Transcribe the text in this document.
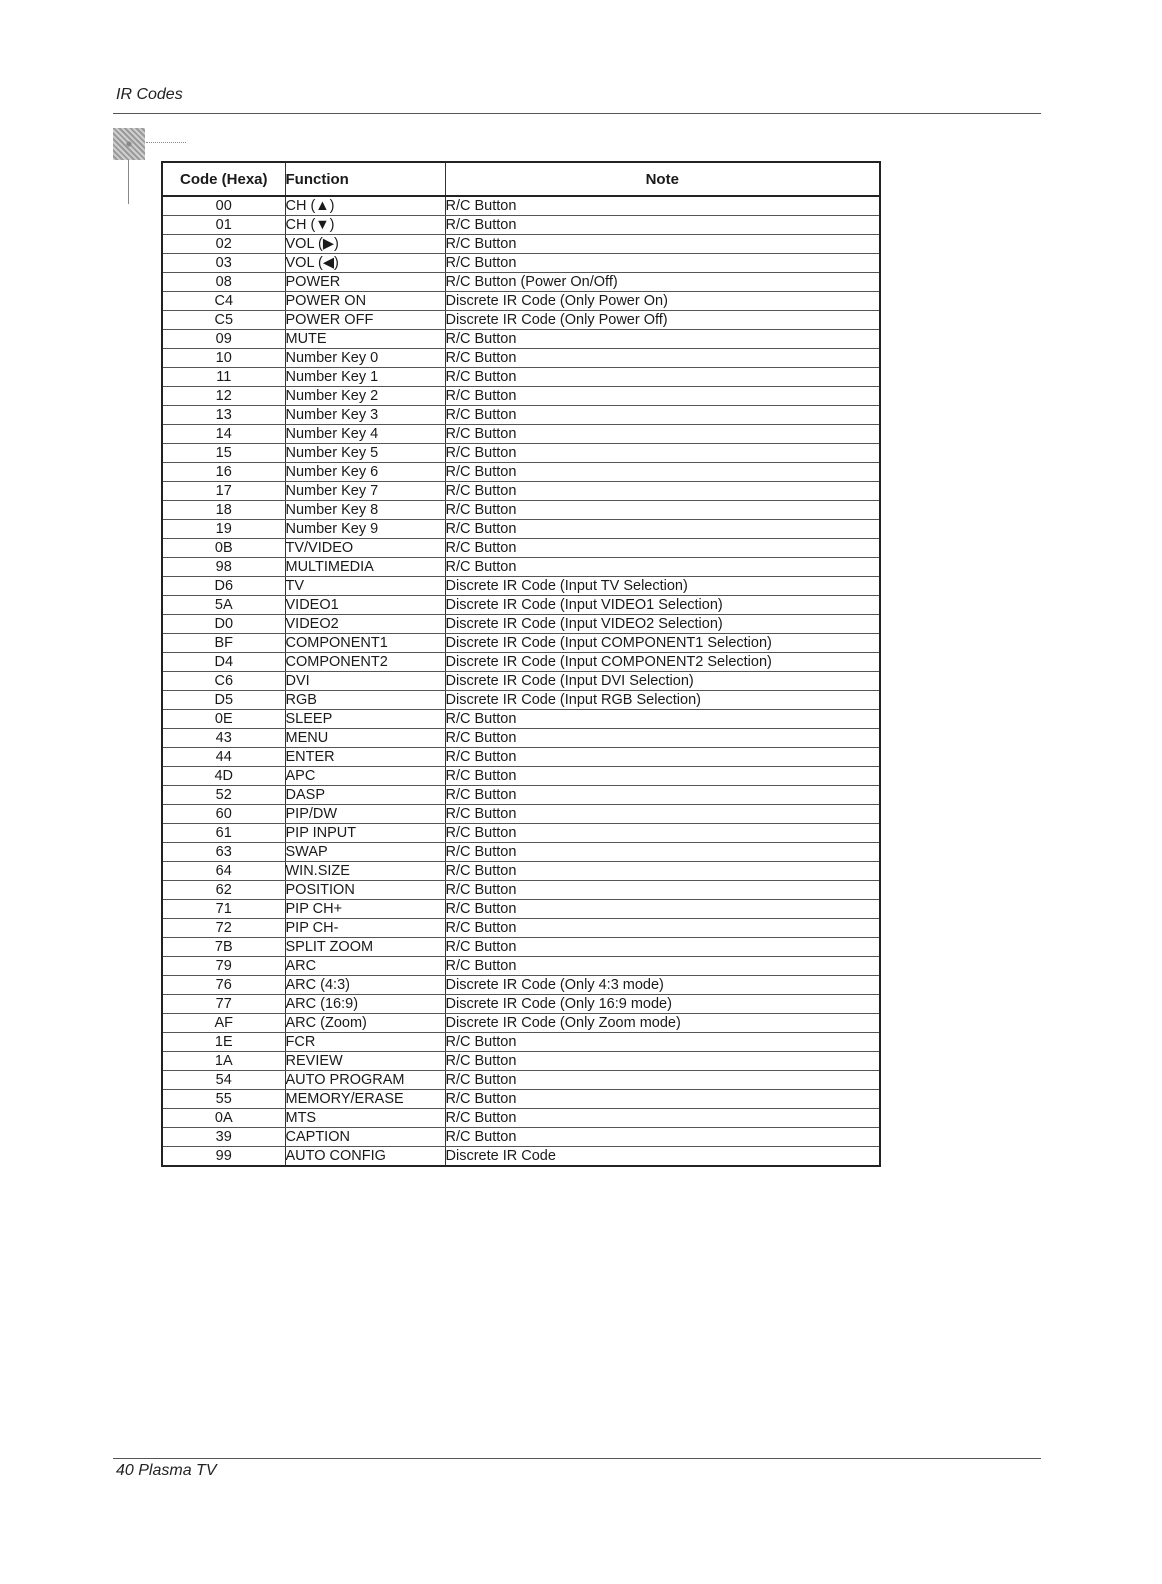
IR Codes
Code (Hexa)	Function	Note
00	CH (▲)	R/C Button
01	CH (▼)	R/C Button
02	VOL (▶)	R/C Button
03	VOL (◀)	R/C Button
08	POWER	R/C Button (Power On/Off)
C4	POWER ON	Discrete IR Code (Only Power On)
C5	POWER OFF	Discrete IR Code (Only Power Off)
09	MUTE	R/C Button
10	Number Key 0	R/C Button
11	Number Key 1	R/C Button
12	Number Key 2	R/C Button
13	Number Key 3	R/C Button
14	Number Key 4	R/C Button
15	Number Key 5	R/C Button
16	Number Key 6	R/C Button
17	Number Key 7	R/C Button
18	Number Key 8	R/C Button
19	Number Key 9	R/C Button
0B	TV/VIDEO	R/C Button
98	MULTIMEDIA	R/C Button
D6	TV	Discrete IR Code (Input TV Selection)
5A	VIDEO1	Discrete IR Code (Input VIDEO1 Selection)
D0	VIDEO2	Discrete IR Code (Input VIDEO2 Selection)
BF	COMPONENT1	Discrete IR Code (Input COMPONENT1 Selection)
D4	COMPONENT2	Discrete IR Code (Input COMPONENT2 Selection)
C6	DVI	Discrete IR Code (Input DVI Selection)
D5	RGB	Discrete IR Code (Input RGB Selection)
0E	SLEEP	R/C Button
43	MENU	R/C Button
44	ENTER	R/C Button
4D	APC	R/C Button
52	DASP	R/C Button
60	PIP/DW	R/C Button
61	PIP INPUT	R/C Button
63	SWAP	R/C Button
64	WIN.SIZE	R/C Button
62	POSITION	R/C Button
71	PIP CH+	R/C Button
72	PIP CH-	R/C Button
7B	SPLIT ZOOM	R/C Button
79	ARC	R/C Button
76	ARC (4:3)	Discrete IR Code (Only 4:3 mode)
77	ARC (16:9)	Discrete IR Code (Only 16:9 mode)
AF	ARC (Zoom)	Discrete IR Code (Only Zoom mode)
1E	FCR	R/C Button
1A	REVIEW	R/C Button
54	AUTO PROGRAM	R/C Button
55	MEMORY/ERASE	R/C Button
0A	MTS	R/C Button
39	CAPTION	R/C Button
99	AUTO CONFIG	Discrete IR Code
40 Plasma TV
